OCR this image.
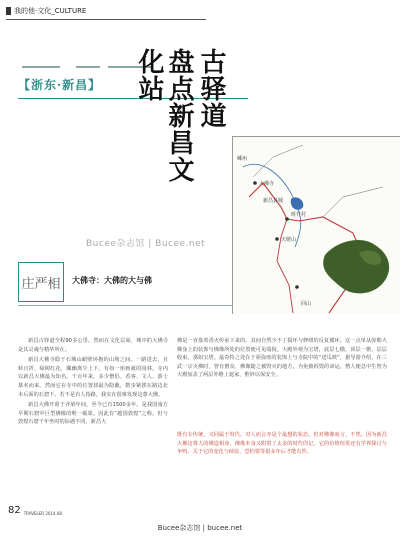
我的他·文化_CULTURE
【浙东·新昌】	古驿道
盘点新昌文化站
大佛寺
班竹村
天姥山
回山
嵊州
新昌县城
Bucee杂志馆 | Bucee.net
庄严相	大佛寺：大佛的大与佛

新昌古驿道全程90多公里。然而在文化层面，城中的大佛寺是其灵魂与精华所在。

新昌大佛寺隐于石城山峭壁环抱的山坳之间。一路进去，且转且折，绿树红花，藏幽离尘上下。有如一座画就的园林。寺内以新昌大佛最为知名。千百年来，多少僧侣、香客、文人、游士慕名而来。然而它在寺中的位置却最为隐蔽，数步紧挨在路边北本后面的石窟下。若不是有人指路，我实在很难发现这尊大佛。

新昌大佛开凿于齐梁年间，至今已有1500多年。是我国南方早期石窟中巨型佛像的唯一硕果。因此有“越国敦煌”之称。但与敦煌石窟千年坐时的际遇不同，新昌大

佛是一直靠着香火传承下来的。其间自然少不了损坏与修缮的反复循环。这一点单从弥勒大佛身上的装饰与佛像所处的位置便可见端倪。大殿外观为宝塔，底层七楹，顶层一檐，层层收束。那如宝塔。最奇特之处在于须弥座的装饰上与寺院中的“送瓜啖”，据导游介绍，在三武一宗灭佛时，曾有僧众、佛像随之被毁灭的地方，为免被拆毁的命运。僧人便急中生智为大殿加盖了两层外檐上遮家，惟妙以保安全。

既有专传统，又同属于时代。对人而言亦是个最想的状态，但对佛像而言，不然。因为新昌大佛这尊人的佛造相身，佛像本身又附着了太多的时代印记。它的价值恒常还有学界探讨与争鸣、关于它的变化与续弦，恐怕要等很多年后才能有答。
82 TRAVELER 2014.08
Bucee杂志馆 | bucee.net
